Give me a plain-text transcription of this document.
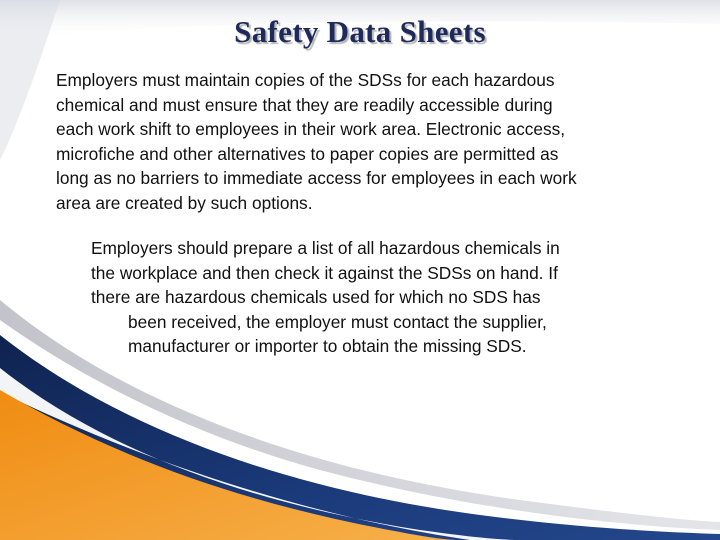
Safety Data Sheets

Employers must maintain copies of the SDSs for each hazardous
chemical and must ensure that they are readily accessible during
each work shift to employees in their work area. Electronic access,
microfiche and other alternatives to paper copies are permitted as
long as no barriers to immediate access for employees in each work
area are created by such options.

Employers should prepare a list of all hazardous chemicals in
the workplace and then check it against the SDSs on hand. If
there are hazardous chemicals used for which no SDS has
been received, the employer must contact the supplier,
manufacturer or importer to obtain the missing SDS.
